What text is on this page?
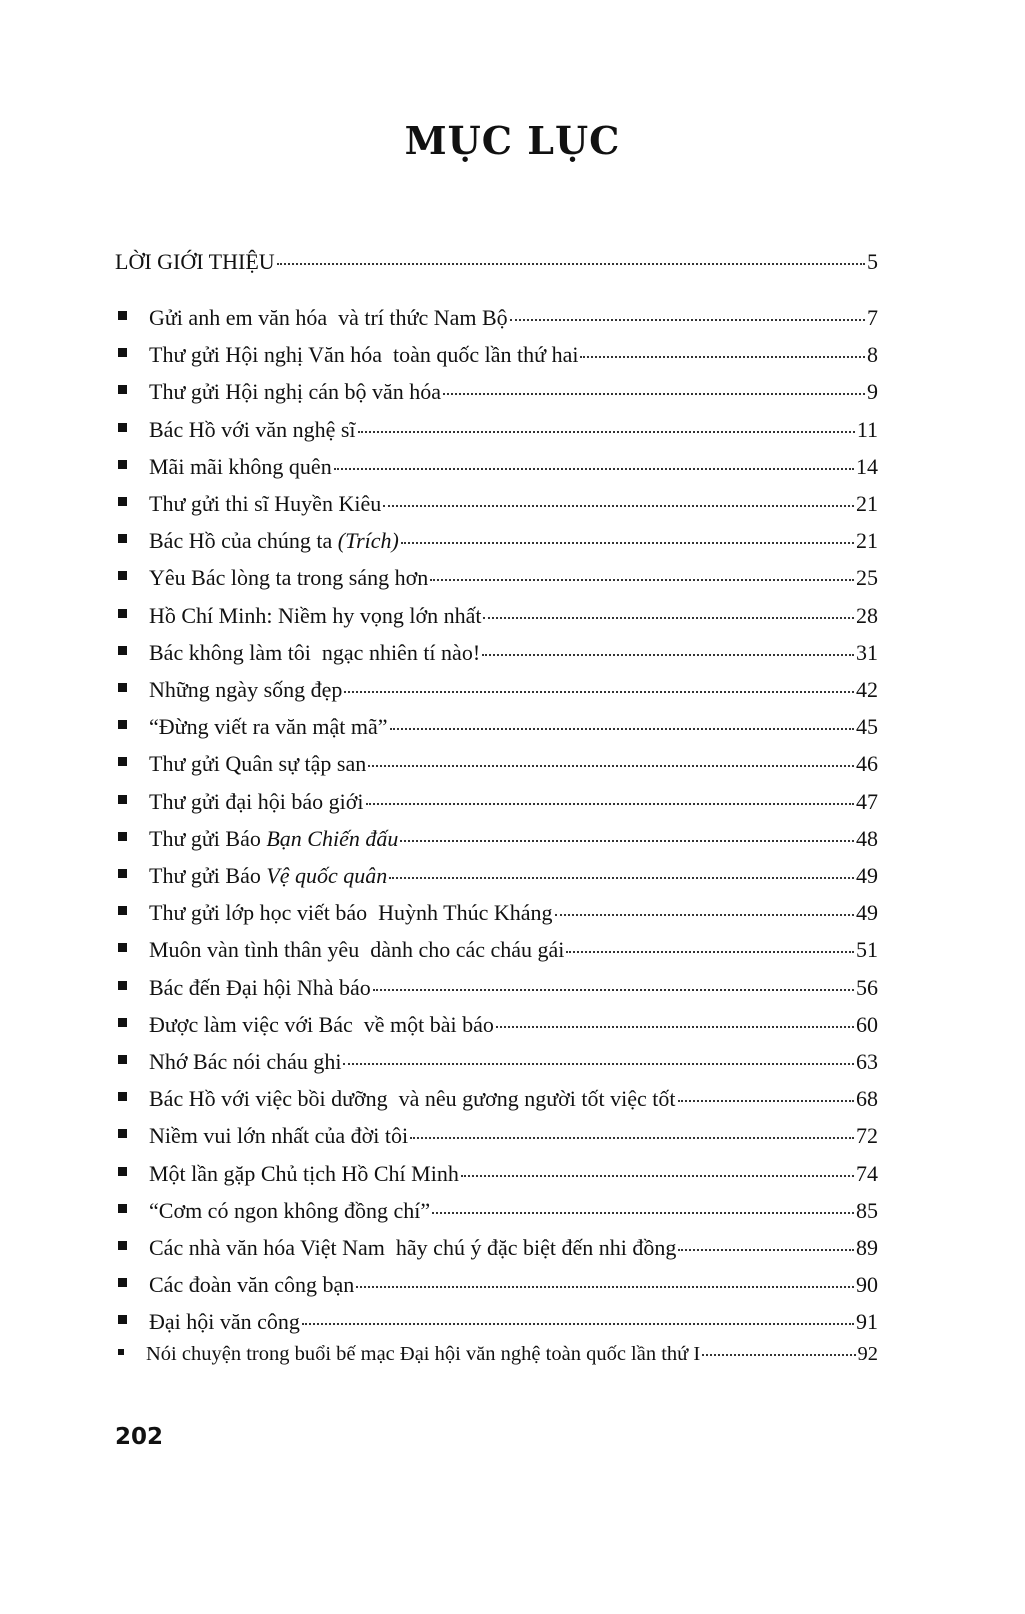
MỤC LỤC
LỜI GIỚI THIỆU	5
Gửi anh em văn hóa  và trí thức Nam Bộ	7
Thư gửi Hội nghị Văn hóa  toàn quốc lần thứ hai	8
Thư gửi Hội nghị cán bộ văn hóa	9
Bác Hồ với văn nghệ sĩ	11
Mãi mãi không quên	14
Thư gửi thi sĩ Huyền Kiêu	21
Bác Hồ của chúng ta (Trích)	21
Yêu Bác lòng ta trong sáng hơn	25
Hồ Chí Minh: Niềm hy vọng lớn nhất	28
Bác không làm tôi  ngạc nhiên tí nào!	31
Những ngày sống đẹp	42
“Đừng viết ra văn mật mã”	45
Thư gửi Quân sự tập san	46
Thư gửi đại hội báo giới	47
Thư gửi Báo Bạn Chiến đấu	48
Thư gửi Báo Vệ quốc quân	49
Thư gửi lớp học viết báo  Huỳnh Thúc Kháng	49
Muôn vàn tình thân yêu  dành cho các cháu gái	51
Bác đến Đại hội Nhà báo	56
Được làm việc với Bác  về một bài báo	60
Nhớ Bác nói cháu ghi	63
Bác Hồ với việc bồi dưỡng  và nêu gương người tốt việc tốt	68
Niềm vui lớn nhất của đời tôi	72
Một lần gặp Chủ tịch Hồ Chí Minh	74
“Cơm có ngon không đồng chí”	85
Các nhà văn hóa Việt Nam  hãy chú ý đặc biệt đến nhi đồng	89
Các đoàn văn công bạn	90
Đại hội văn công	91
Nói chuyện trong buổi bế mạc Đại hội văn nghệ toàn quốc lần thứ I	92
202
